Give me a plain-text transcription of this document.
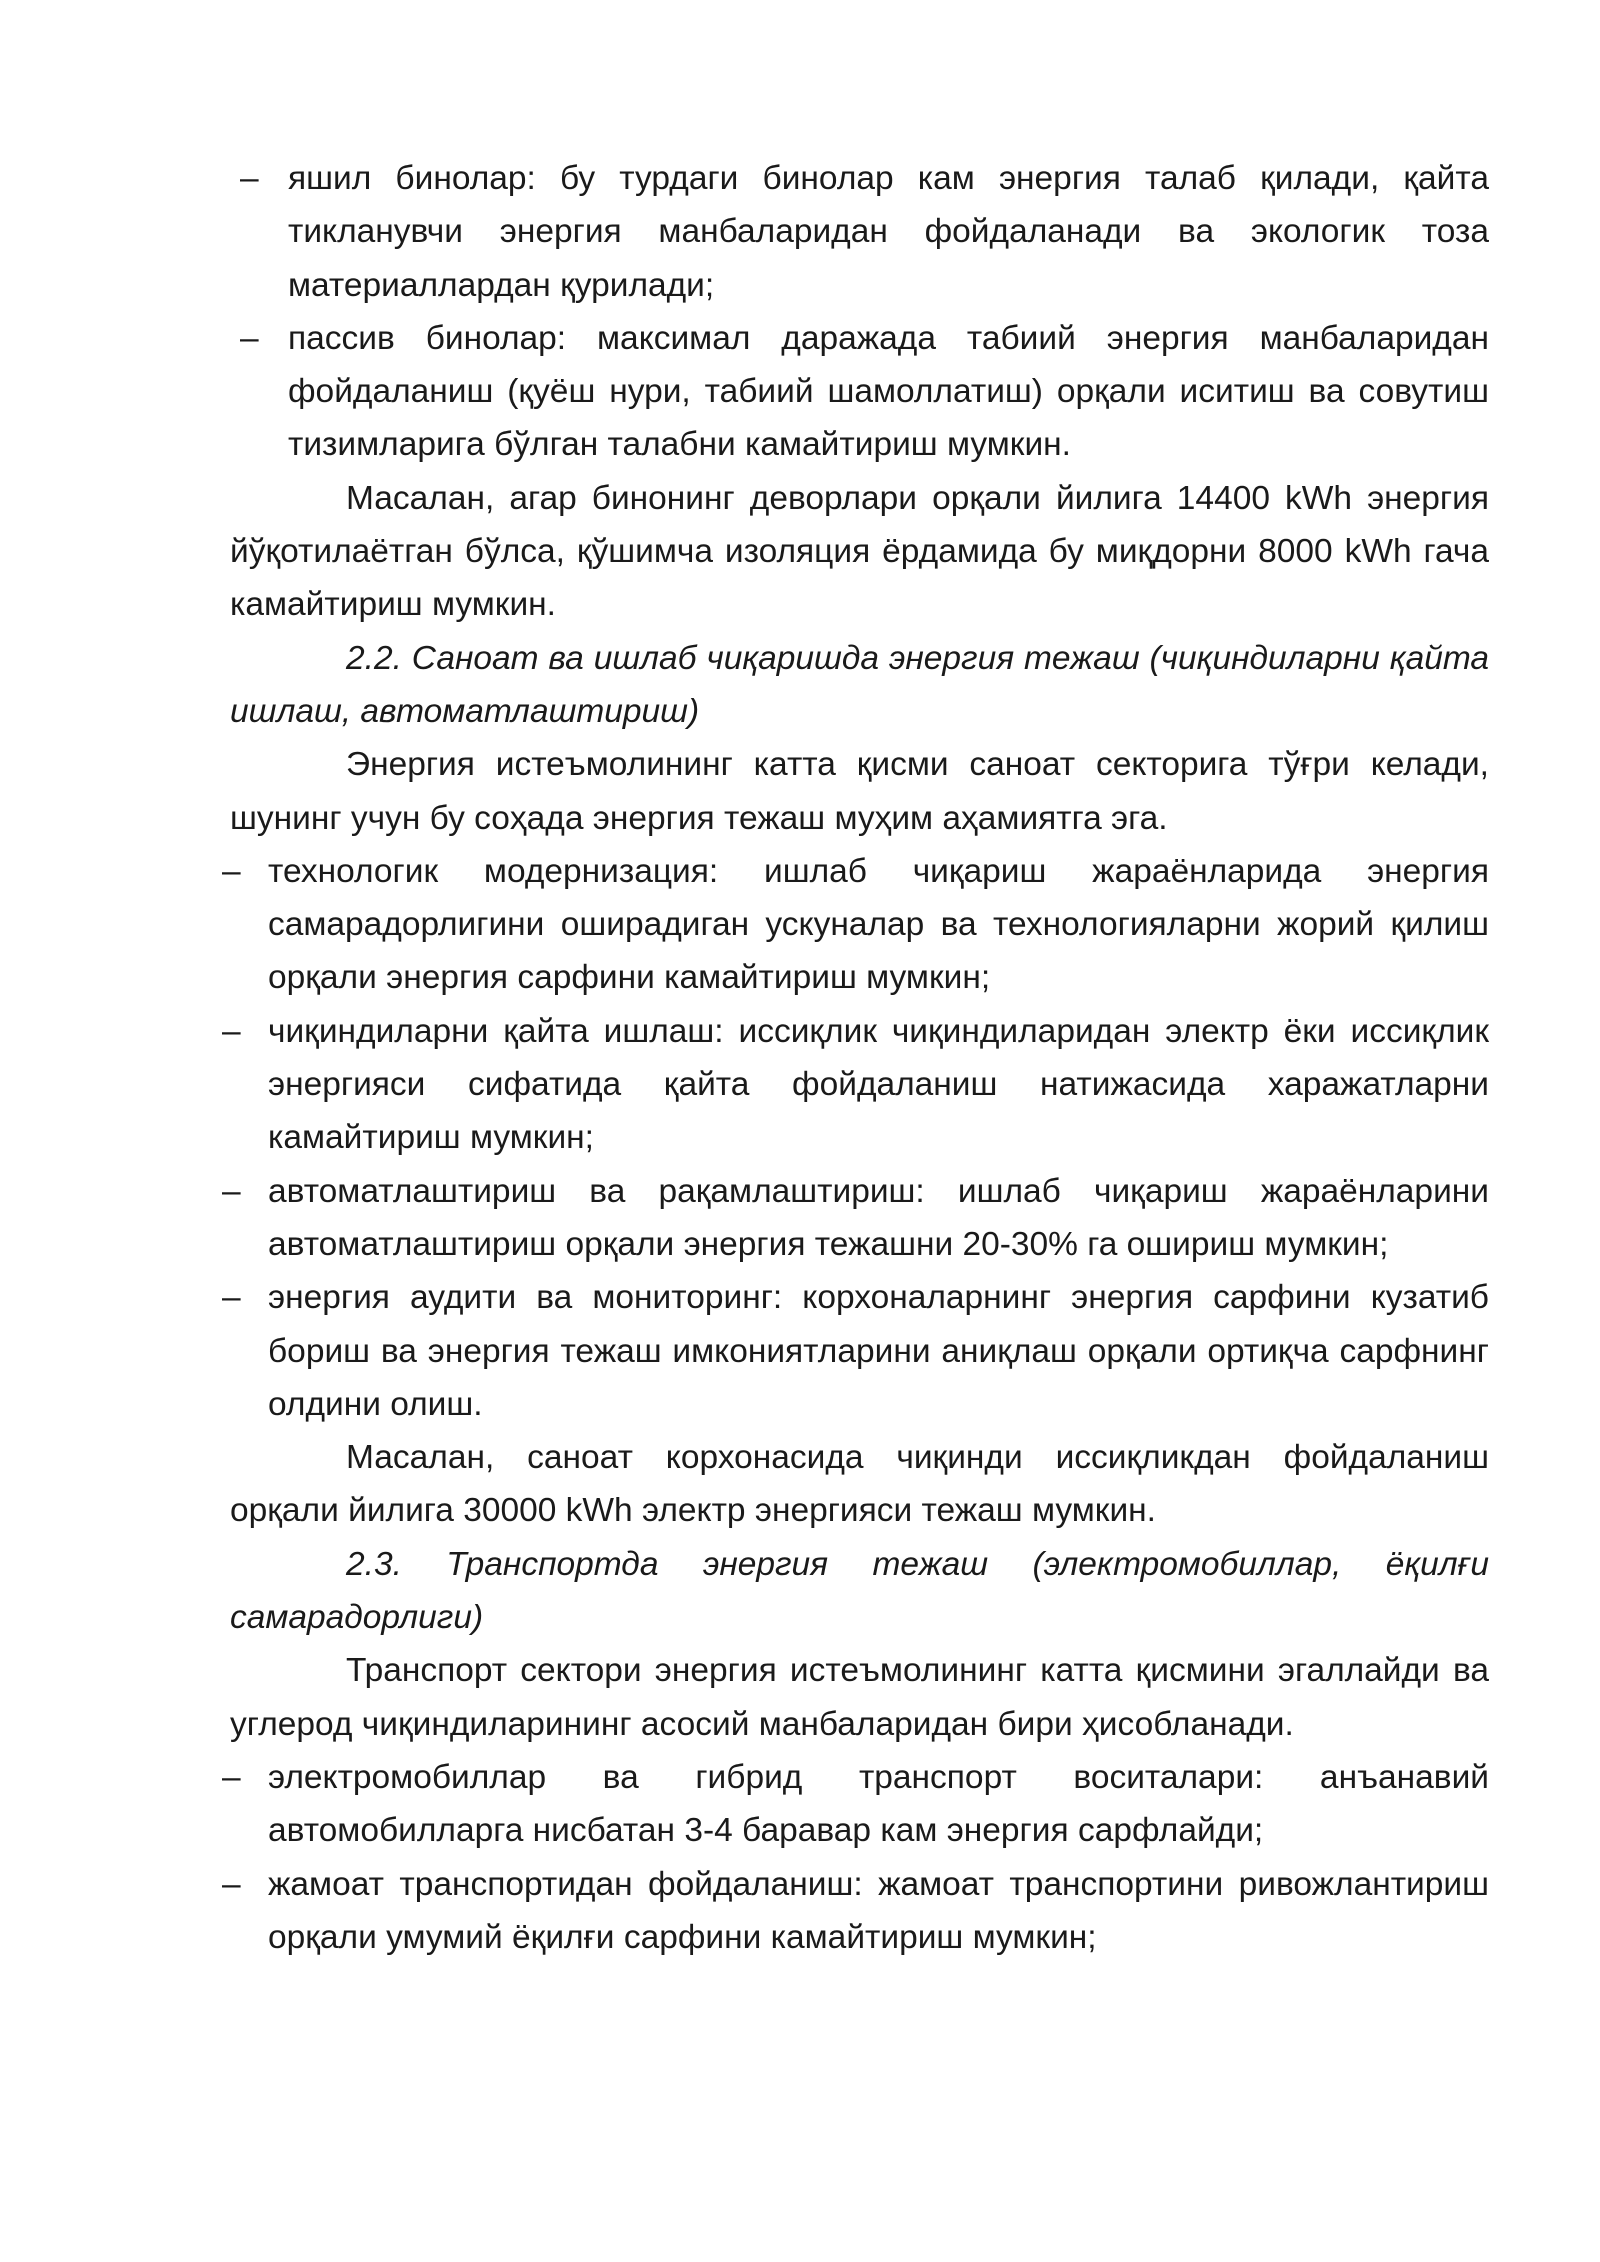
– яшил бинолар: бу турдаги бинолар кам энергия талаб қилади, қайта тикланувчи энергия манбаларидан фойдаланади ва экологик тоза материаллардан қурилади;
– пассив бинолар: максимал даражада табиий энергия манбаларидан фойдаланиш (қуёш нури, табиий шамоллатиш) орқали иситиш ва совутиш тизимларига бўлган талабни камайтириш мумкин.

Масалан, агар бинонинг деворлари орқали йилига 14400 kWh энергия йўқотилаётган бўлса, қўшимча изоляция ёрдамида бу миқдорни 8000 kWh гача камайтириш мумкин.

2.2. Саноат ва ишлаб чиқаришда энергия тежаш (чиқиндиларни қайта ишлаш, автоматлаштириш)

Энергия истеъмолининг катта қисми саноат секторига тўғри келади, шунинг учун бу соҳада энергия тежаш муҳим аҳамиятга эга.

– технологик модернизация: ишлаб чиқариш жараёнларида энергия самарадорлигини оширадиган ускуналар ва технологияларни жорий қилиш орқали энергия сарфини камайтириш мумкин;
– чиқиндиларни қайта ишлаш: иссиқлик чиқиндиларидан электр ёки иссиқлик энергияси сифатида қайта фойдаланиш натижасида харажатларни камайтириш мумкин;
– автоматлаштириш ва рақамлаштириш: ишлаб чиқариш жараёнларини автоматлаштириш орқали энергия тежашни 20-30% га ошириш мумкин;
– энергия аудити ва мониторинг: корхоналарнинг энергия сарфини кузатиб бориш ва энергия тежаш имкониятларини аниқлаш орқали ортиқча сарфнинг олдини олиш.

Масалан, саноат корхонасида чиқинди иссиқликдан фойдаланиш орқали йилига 30000 kWh электр энергияси тежаш мумкин.

2.3. Транспортда энергия тежаш (электромобиллар, ёқилғи самарадорлиги)

Транспорт сектори энергия истеъмолининг катта қисмини эгаллайди ва углерод чиқиндиларининг асосий манбаларидан бири ҳисобланади.

– электромобиллар ва гибрид транспорт воситалари: анъанавий автомобилларга нисбатан 3-4 баравар кам энергия сарфлайди;
– жамоат транспортидан фойдаланиш: жамоат транспортини ривожлантириш орқали умумий ёқилғи сарфини камайтириш мумкин;
